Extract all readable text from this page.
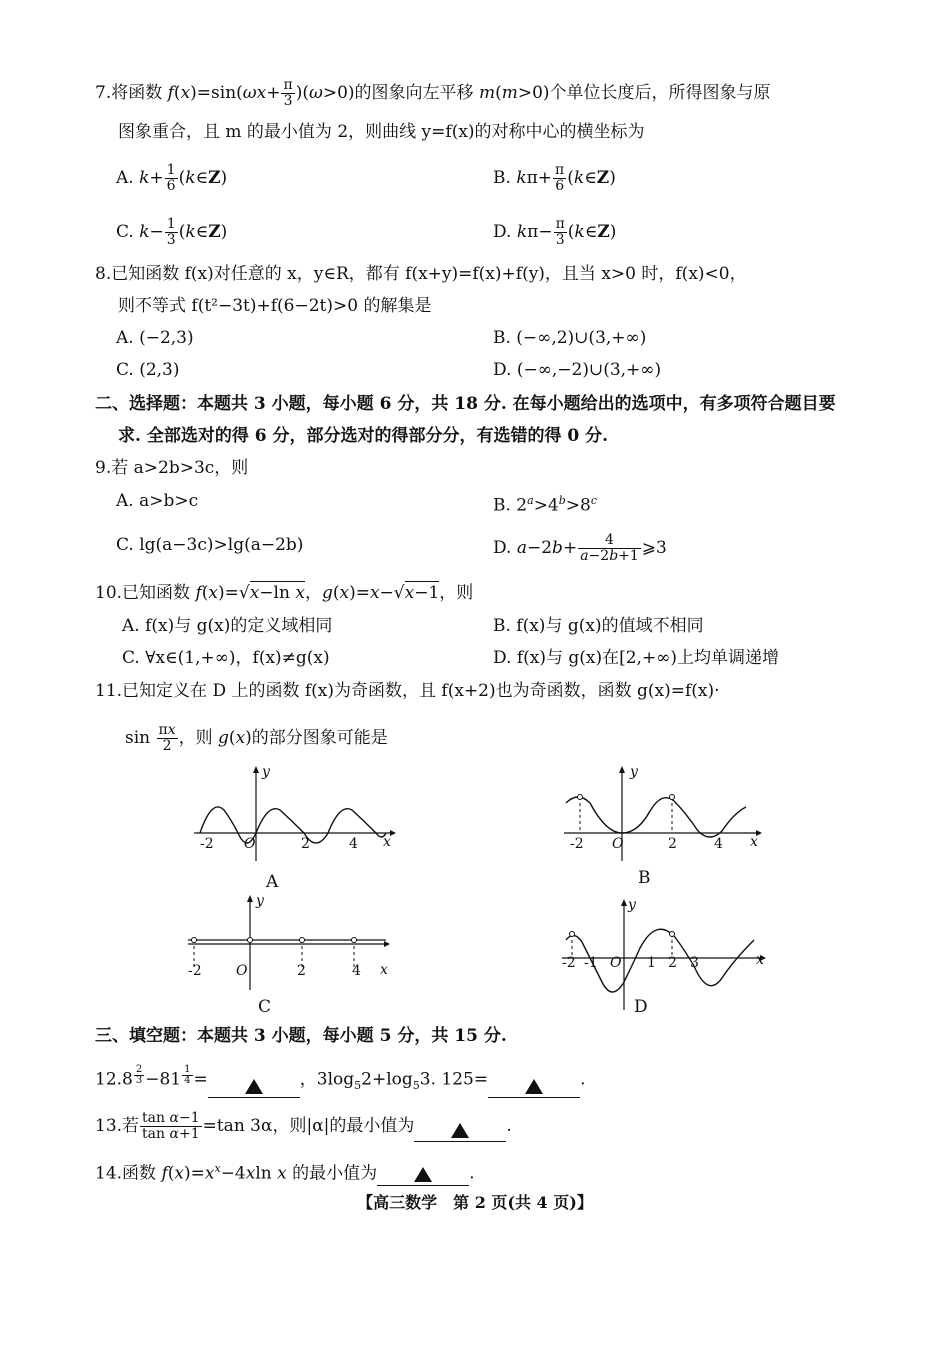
7.将函数 $f(x)=\sin(\omega x+ \frac{\pi}{3} )(\omega>0)$的图象向左平移 m(m>0)个单位长度后，所得图象与原
图象重合，且 m 的最小值为 2，则曲线 y=f(x)的对称中心的横坐标为
A. $k+ \frac{1}{6}$ (k∈Z)	B. $k\pi+ \frac{\pi}{6}$ (k∈Z)
C. $k- \frac{1}{3}$ (k∈Z)	D. $k\pi- \frac{\pi}{3}$ (k∈Z)
8.已知函数 f(x)对任意的 x，y∈R，都有 f(x+y)=f(x)+f(y)，且当 x>0 时，f(x)<0，
则不等式 f(t²−3t)+f(6−2t)>0 的解集是
A. (−2,3)	B. (−∞,2)∪(3,+∞)
C. (2,3)	D. (−∞,−2)∪(3,+∞)
二、选择题：本题共 3 小题，每小题 6 分，共 18 分. 在每小题给出的选项中，有多项符合题目要
求. 全部选对的得 6 分，部分选对的得部分分，有选错的得 0 分.
9.若 a>2b>3c，则
A. a>b>c	B. $2^a>4^b>8^c$
C. lg(a−3c)>lg(a−2b)	D. $a-2b+ \frac{4}{a-2b+1}$ ⩾3
10.已知函数 f(x)=√x−ln x，g(x)=x−√x−1，则
A. f(x)与 g(x)的定义域相同	B. f(x)与 g(x)的值域不相同
C. ∀x∈(1,+∞)，f(x)≠g(x)	D. f(x)与 g(x)在[2,+∞)上均单调递增
11.已知定义在 D 上的函数 f(x)为奇函数，且 f(x+2)也为奇函数，函数 g(x)=f(x)·
$\sin \frac{\pi x}{2}$ ，则 g(x)的部分图象可能是
y
-2 O	2	4 x
A
y
-2 O	2	4 x
B
y
-2 O	2	4 x
C
y
-2 -1 O 1 2 3	x
D
三、填空题：本题共 3 小题，每小题 5 分，共 15 分.
12.8 $^{\frac{2}{3}}$ −81 $^{\frac{1}{4}}$ =	，$3\log_52+\log_53$. 125=	.
13.若 $\frac{\text{tan α−1}}{\text{tan α+1}} =\tan$ 3α，则|α|的最小值为	.
14.函数 $f(x)=x^x-4xln$ x 的最小值为	.
【高三数学　第 2 页(共 4 页)】
